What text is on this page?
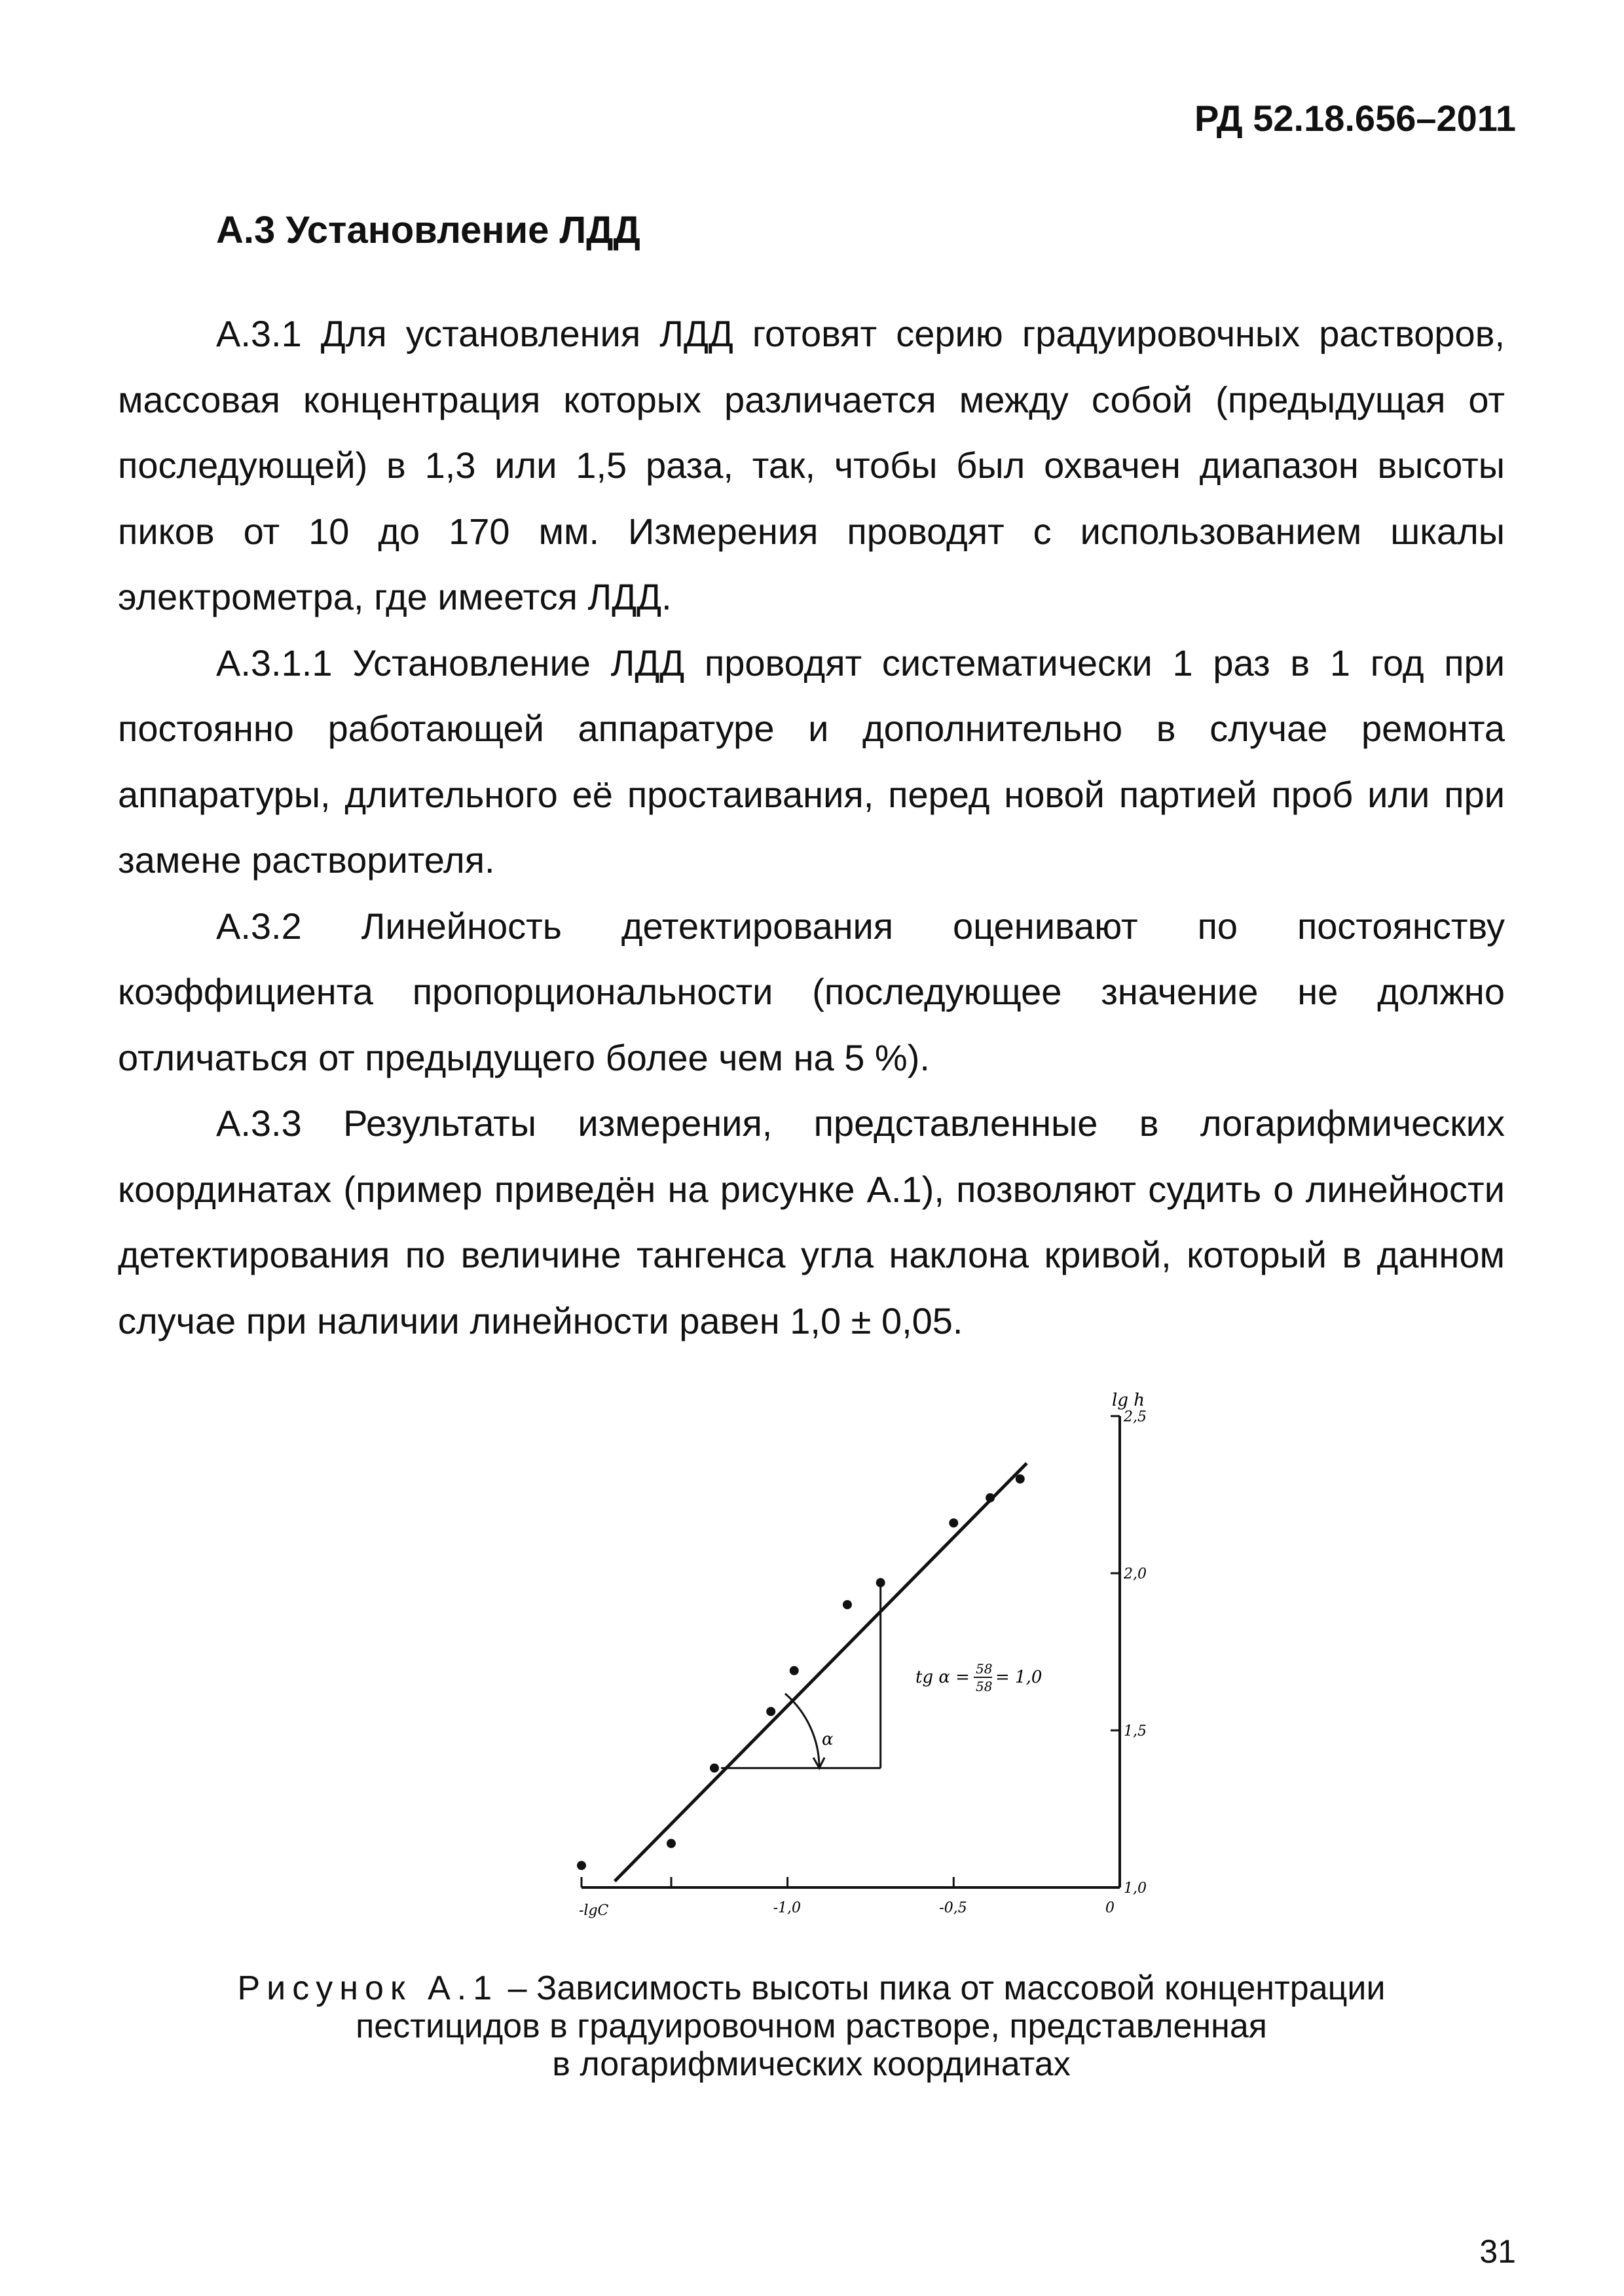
РД 52.18.656–2011
А.3 Установление ЛДД

А.3.1 Для установления ЛДД готовят серию градуировочных растворов, массовая концентрация которых различается между собой (предыдущая от последующей) в 1,3 или 1,5 раза, так, чтобы был охвачен диапазон высоты пиков от 10 до 170 мм. Измерения проводят с использованием шкалы электрометра, где имеется ЛДД.

А.3.1.1 Установление ЛДД проводят систематически 1 раз в 1 год при постоянно работающей аппаратуре и дополнительно в случае ремонта аппаратуры, длительного её простаивания, перед новой партией проб или при замене растворителя.

А.3.2 Линейность детектирования оценивают по постоянству коэффициента пропорциональности (последующее значение не должно отличаться от предыдущего более чем на 5 %).

А.3.3 Результаты измерения, представленные в логарифмических координатах (пример приведён на рисунке А.1), позволяют судить о линейности детектирования по величине тангенса угла наклона кривой, который в данном случае при наличии линейности равен 1,0 ± 0,05.

lg h
-lgC	-1,0	-0,5	0
1,0
1,5
2,0
2,5
α
tg α = 58
58 = 1,0
Рисунок А.1 – Зависимость высоты пика от массовой концентрации
пестицидов в градуировочном растворе, представленная
в логарифмических координатах
31
